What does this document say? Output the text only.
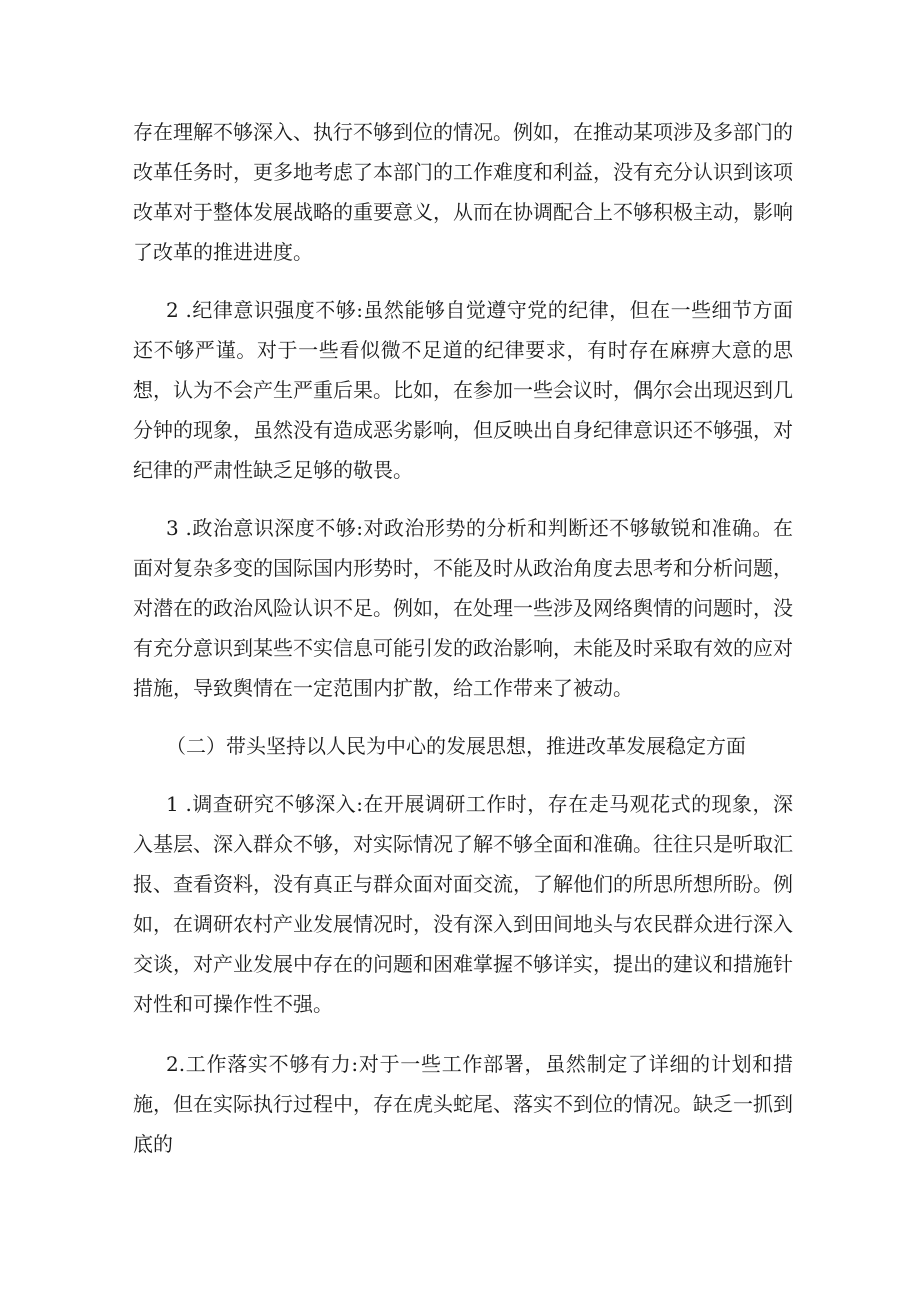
存在理解不够深入、执行不够到位的情况。例如，在推动某项涉及多部门的改革任务时，更多地考虑了本部门的工作难度和利益，没有充分认识到该项改革对于整体发展战略的重要意义，从而在协调配合上不够积极主动，影响了改革的推进进度。

2 .纪律意识强度不够:虽然能够自觉遵守党的纪律，但在一些细节方面还不够严谨。对于一些看似微不足道的纪律要求，有时存在麻痹大意的思想，认为不会产生严重后果。比如，在参加一些会议时，偶尔会出现迟到几分钟的现象，虽然没有造成恶劣影响，但反映出自身纪律意识还不够强，对纪律的严肃性缺乏足够的敬畏。

3 .政治意识深度不够:对政治形势的分析和判断还不够敏锐和准确。在面对复杂多变的国际国内形势时，不能及时从政治角度去思考和分析问题，对潜在的政治风险认识不足。例如，在处理一些涉及网络舆情的问题时，没有充分意识到某些不实信息可能引发的政治影响，未能及时采取有效的应对措施，导致舆情在一定范围内扩散，给工作带来了被动。

（二）带头坚持以人民为中心的发展思想，推进改革发展稳定方面

1 .调查研究不够深入:在开展调研工作时，存在走马观花式的现象，深入基层、深入群众不够，对实际情况了解不够全面和准确。往往只是听取汇报、查看资料，没有真正与群众面对面交流，了解他们的所思所想所盼。例如，在调研农村产业发展情况时，没有深入到田间地头与农民群众进行深入交谈，对产业发展中存在的问题和困难掌握不够详实，提出的建议和措施针对性和可操作性不强。

2.工作落实不够有力:对于一些工作部署，虽然制定了详细的计划和措施，但在实际执行过程中，存在虎头蛇尾、落实不到位的情况。缺乏一抓到底的
